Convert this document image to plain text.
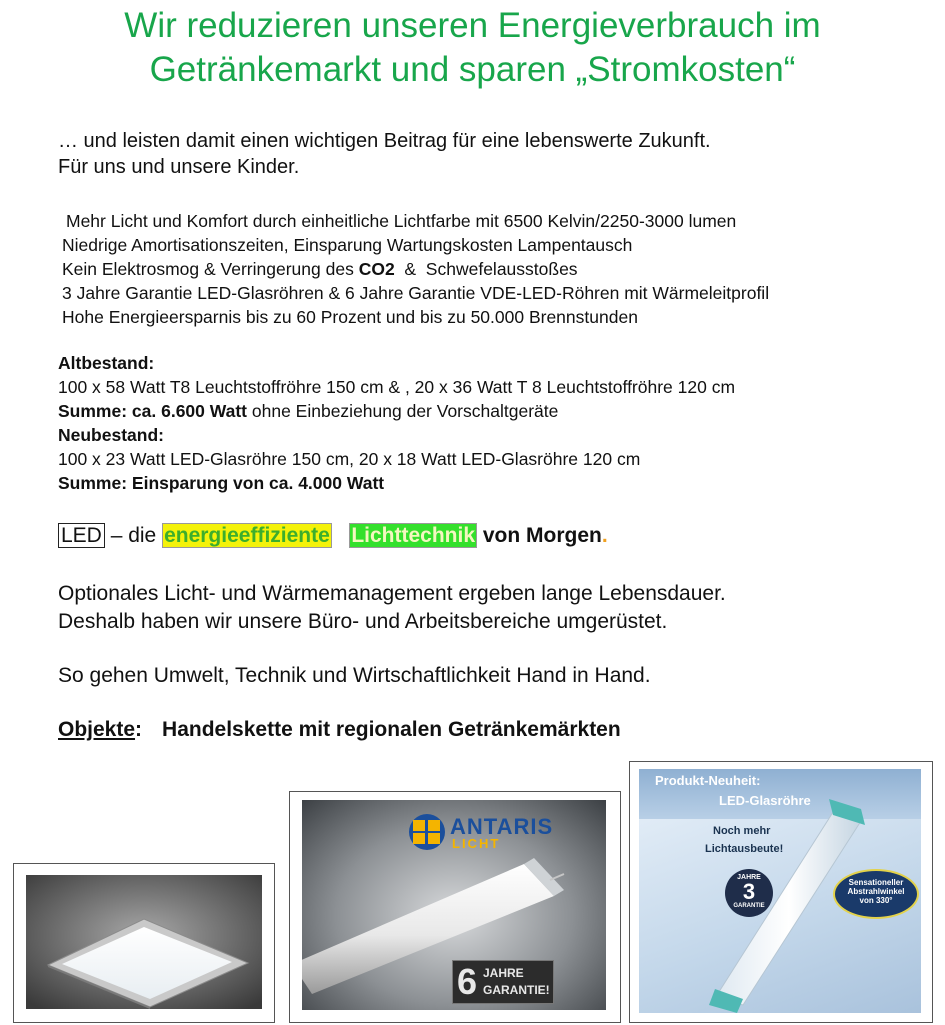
Wir reduzieren unseren Energieverbrauch im
Getränkemarkt und sparen „Stromkosten“
… und leisten damit einen wichtigen Beitrag für eine lebenswerte Zukunft.
Für uns und unsere Kinder.
Mehr Licht und Komfort durch einheitliche Lichtfarbe mit 6500 Kelvin/2250-3000 lumen
Niedrige Amortisationszeiten, Einsparung Wartungskosten Lampentausch
Kein Elektrosmog & Verringerung des CO2  &  Schwefelausstoßes
3 Jahre Garantie LED-Glasröhren & 6 Jahre Garantie VDE-LED-Röhren mit Wärmeleitprofil
Hohe Energieersparnis bis zu 60 Prozent und bis zu 50.000 Brennstunden
Altbestand:
100 x 58 Watt T8 Leuchtstoffröhre 150 cm & , 20 x 36 Watt T 8 Leuchtstoffröhre 120 cm
Summe: ca. 6.600 Watt ohne Einbeziehung der Vorschaltgeräte
Neubestand:
100 x 23 Watt LED-Glasröhre 150 cm, 20 x 18 Watt LED-Glasröhre 120 cm
Summe: Einsparung von ca. 4.000 Watt
LED – die energieeffiziente Lichttechnik von Morgen.
Optionales Licht- und Wärmemanagement ergeben lange Lebensdauer.
Deshalb haben wir unsere Büro- und Arbeitsbereiche umgerüstet.
So gehen Umwelt, Technik und Wirtschaftlichkeit Hand in Hand.
Objekte: Handelskette mit regionalen Getränkemärkten
ANTARIS
LICHT
6 JAHRE
GARANTIE!
Produkt-Neuheit:
LED-Glasröhre
Noch mehr
Lichtausbeute!
JAHRE
3
GARANTIE
Sensationeller
Abstrahlwinkel
von 330°
